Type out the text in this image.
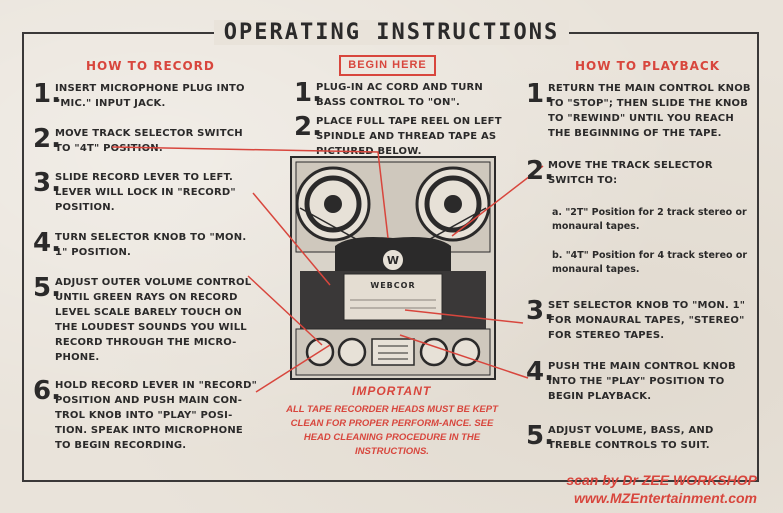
OPERATING INSTRUCTIONS
HOW TO RECORD	BEGIN HERE	HOW TO PLAYBACK
1.
INSERT MICROPHONE PLUG INTO "MIC." INPUT JACK.
2.
MOVE TRACK SELECTOR SWITCH TO "4T" POSITION.
3.
SLIDE RECORD LEVER TO LEFT. LEVER WILL LOCK IN "RECORD" POSITION.
4.
TURN SELECTOR KNOB TO "MON. 1" POSITION.
5.
ADJUST OUTER VOLUME CONTROL UNTIL GREEN RAYS ON RECORD LEVEL SCALE BARELY TOUCH ON THE LOUDEST SOUNDS YOU WILL RECORD THROUGH THE MICRO-PHONE.
6.
HOLD RECORD LEVER IN "RECORD" POSITION AND PUSH MAIN CON-TROL KNOB INTO "PLAY" POSI-TION. SPEAK INTO MICROPHONE TO BEGIN RECORDING.
1.
PLUG-IN AC CORD AND TURN BASS CONTROL TO "ON".
2.
PLACE FULL TAPE REEL ON LEFT SPINDLE AND THREAD TAPE AS PICTURED BELOW.
W
WEBCOR
1.
RETURN THE MAIN CONTROL KNOB TO "STOP"; THEN SLIDE THE KNOB TO "REWIND" UNTIL YOU REACH THE BEGINNING OF THE TAPE.
2.
MOVE THE TRACK SELECTOR SWITCH TO:
a. "2T" Position for 2 track stereo or monaural tapes.
b. "4T" Position for 4 track stereo or monaural tapes.
3.
SET SELECTOR KNOB TO "MON. 1" FOR MONAURAL TAPES, "STEREO" FOR STEREO TAPES.
4.
PUSH THE MAIN CONTROL KNOB INTO THE "PLAY" POSITION TO BEGIN PLAYBACK.
5.
ADJUST VOLUME, BASS, AND TREBLE CONTROLS TO SUIT.
IMPORTANT
ALL TAPE RECORDER HEADS MUST BE KEPT CLEAN FOR PROPER PERFORM-ANCE. SEE HEAD CLEANING PROCEDURE IN THE INSTRUCTIONS.
scan by Dr ZEE WORKSHOP
www.MZEntertainment.com
